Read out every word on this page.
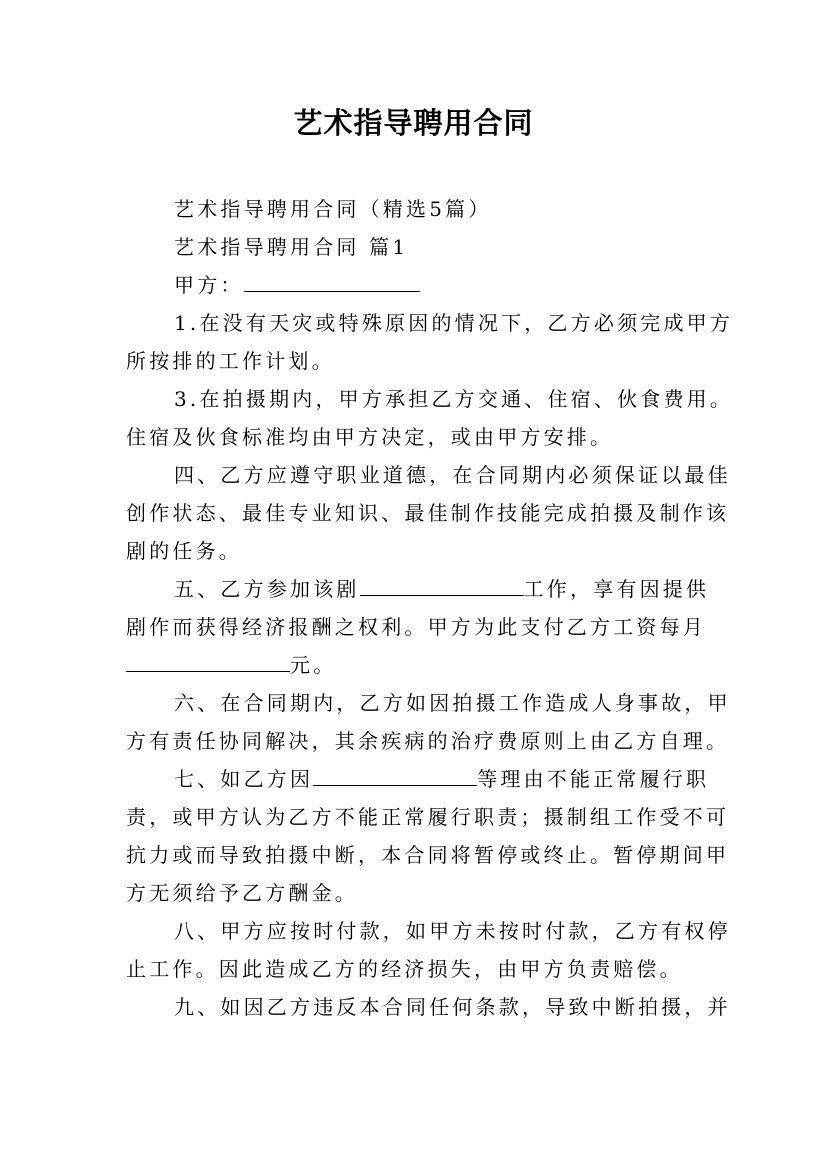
艺术指导聘用合同
艺术指导聘用合同（精选5篇）
艺术指导聘用合同 篇1
甲方：
1.在没有天灾或特殊原因的情况下，乙方必须完成甲方
所按排的工作计划。
3.在拍摄期内，甲方承担乙方交通、住宿、伙食费用。
住宿及伙食标准均由甲方决定，或由甲方安排。
四、乙方应遵守职业道德，在合同期内必须保证以最佳
创作状态、最佳专业知识、最佳制作技能完成拍摄及制作该
剧的任务。
五、乙方参加该剧	工作，享有因提供
剧作而获得经济报酬之权利。甲方为此支付乙方工资每月
元。
六、在合同期内，乙方如因拍摄工作造成人身事故，甲
方有责任协同解决，其余疾病的治疗费原则上由乙方自理。
七、如乙方因	等理由不能正常履行职
责，或甲方认为乙方不能正常履行职责；摄制组工作受不可
抗力或而导致拍摄中断，本合同将暂停或终止。暂停期间甲
方无须给予乙方酬金。
八、甲方应按时付款，如甲方未按时付款，乙方有权停
止工作。因此造成乙方的经济损失，由甲方负责赔偿。
九、如因乙方违反本合同任何条款，导致中断拍摄，并
